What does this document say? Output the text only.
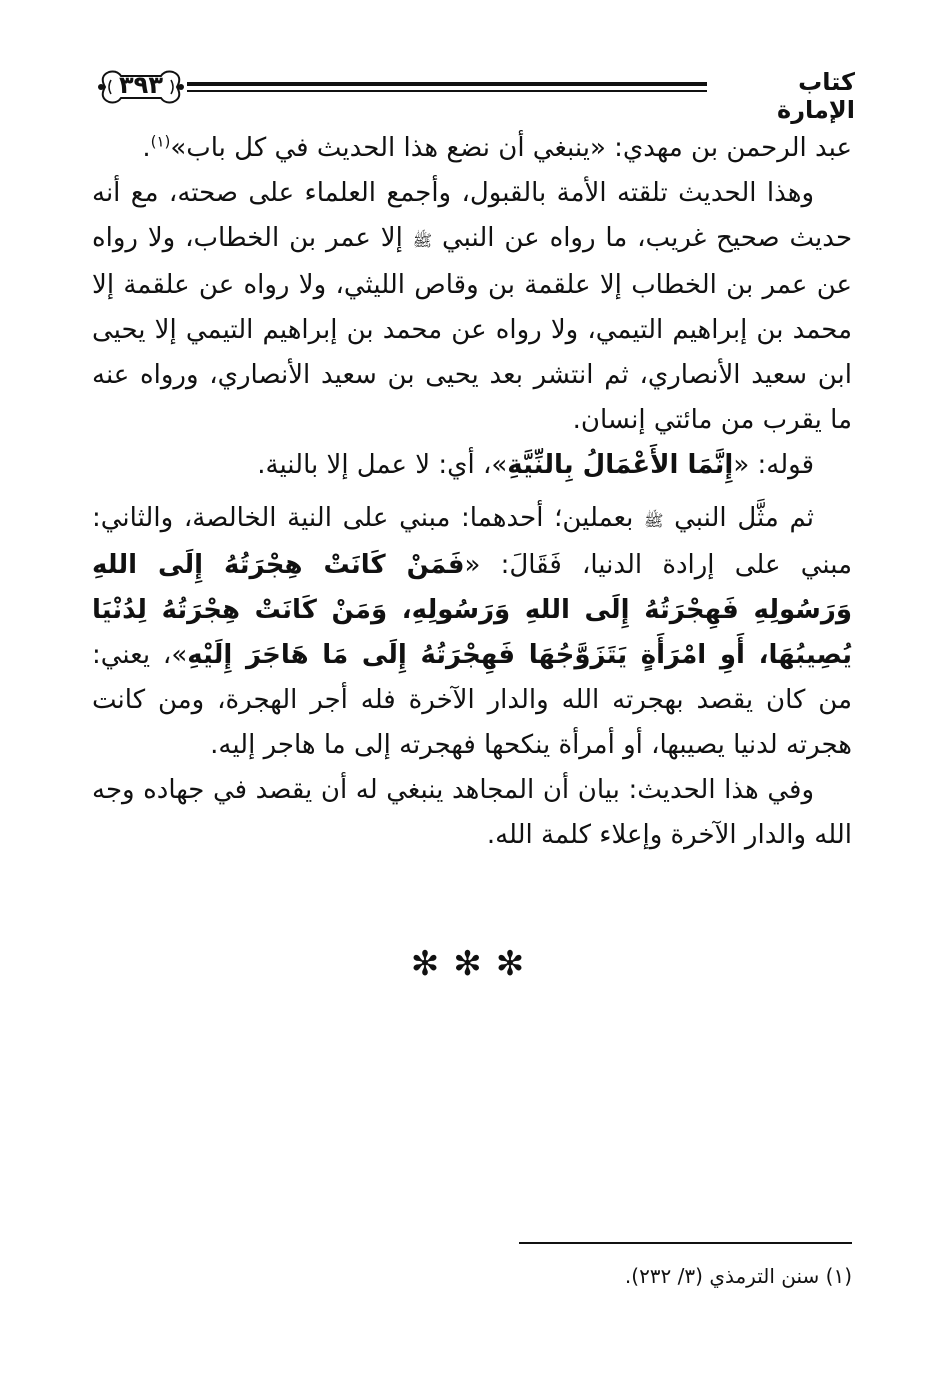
٣٩٣	كتاب الإمارة

عبد الرحمن بن مهدي: «ينبغي أن نضع هذا الحديث في كل باب»$^{(١)}$.

وهذا الحديث تلقته الأمة بالقبول، وأجمع العلماء على صحته، مع أنه حديث صحيح غريب، ما رواه عن النبي ﷺ إلا عمر بن الخطاب، ولا رواه عن عمر بن الخطاب إلا علقمة بن وقاص الليثي، ولا رواه عن علقمة إلا محمد بن إبراهيم التيمي، ولا رواه عن محمد بن إبراهيم التيمي إلا يحيى ابن سعيد الأنصاري، ثم انتشر بعد يحيى بن سعيد الأنصاري، ورواه عنه ما يقرب من مائتي إنسان.

قوله: «إِنَّمَا الأَعْمَالُ بِالنِّيَّةِ»، أي: لا عمل إلا بالنية.

ثم مثَّل النبي ﷺ بعملين؛ أحدهما: مبني على النية الخالصة، والثاني: مبني على إرادة الدنيا، فَقَالَ: «فَمَنْ كَانَتْ هِجْرَتُهُ إِلَى اللهِ وَرَسُولِهِ فَهِجْرَتُهُ إِلَى اللهِ وَرَسُولِهِ، وَمَنْ كَانَتْ هِجْرَتُهُ لِدُنْيَا يُصِيبُهَا، أَوِ امْرَأَةٍ يَتَزَوَّجُهَا فَهِجْرَتُهُ إِلَى مَا هَاجَرَ إِلَيْهِ»، يعني: من كان يقصد بهجرته الله والدار الآخرة فله أجر الهجرة، ومن كانت هجرته لدنيا يصيبها، أو أمرأة ينكحها فهجرته إلى ما هاجر إليه.

وفي هذا الحديث: بيان أن المجاهد ينبغي له أن يقصد في جهاده وجه الله والدار الآخرة وإعلاء كلمة الله.

✻✻✻
(١) سنن الترمذي (٣/ ٢٣٢).
